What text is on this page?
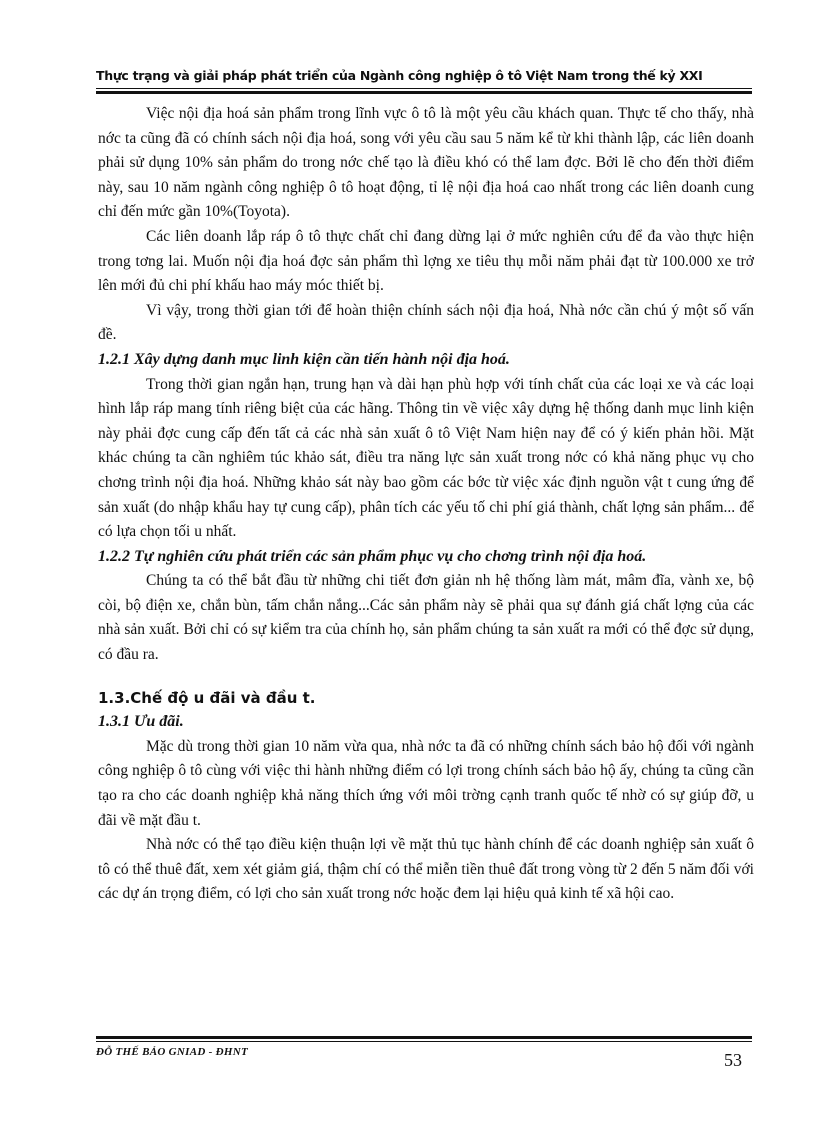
Thực trạng và giải pháp phát triển của Ngành công nghiệp ô tô Việt Nam trong thế kỷ XXI

Việc nội địa hoá sản phẩm trong lĩnh vực ô tô là một yêu cầu khách quan. Thực tế cho thấy, nhà nớc ta cũng đã có chính sách nội địa hoá, song với yêu cầu sau 5 năm kể từ khi thành lập, các liên doanh phải sử dụng 10% sản phẩm do trong nớc chế tạo là điều khó có thể lam đợc. Bởi lẽ cho đến thời điểm này, sau 10 năm ngành công nghiệp ô tô hoạt động, tỉ lệ nội địa hoá cao nhất trong các liên doanh cung chỉ đến mức gần 10%(Toyota).

Các liên doanh lắp ráp ô tô thực chất chỉ đang dừng lại ở mức nghiên cứu để đa vào thực hiện trong tơng lai. Muốn nội địa hoá đợc sản phẩm thì lợng xe tiêu thụ mỗi năm phải đạt từ 100.000 xe trở lên mới đủ chi phí khấu hao máy móc thiết bị.

Vì vậy, trong thời gian tới để hoàn thiện chính sách nội địa hoá, Nhà nớc cần chú ý một số vấn đề.

1.2.1 Xây dựng danh mục linh kiện cần tiến hành nội địa hoá.

Trong thời gian ngắn hạn, trung hạn và dài hạn phù hợp với tính chất của các loại xe và các loại hình lắp ráp mang tính riêng biệt của các hãng. Thông tin về việc xây dựng hệ thống danh mục linh kiện này phải đợc cung cấp đến tất cả các nhà sản xuất ô tô Việt Nam hiện nay để có ý kiến phản hồi. Mặt khác chúng ta cần nghiêm túc khảo sát, điều tra năng lực sản xuất trong nớc có khả năng phục vụ cho chơng trình nội địa hoá. Những khảo sát này bao gồm các bớc từ việc xác định nguồn vật t cung ứng để sản xuất (do nhập khẩu hay tự cung cấp), phân tích các yếu tố chi phí giá thành, chất lợng sản phẩm... để có lựa chọn tối u nhất.

1.2.2 Tự nghiên cứu phát triển các sản phẩm phục vụ cho chơng trình nội địa hoá.

Chúng ta có thể bắt đầu từ những chi tiết đơn giản nh hệ thống làm mát, mâm đĩa, vành xe, bộ còi, bộ điện xe, chắn bùn, tấm chắn nắng...Các sản phẩm này sẽ phải qua sự đánh giá chất lợng của các nhà sản xuất. Bởi chỉ có sự kiểm tra của chính họ, sản phẩm chúng ta sản xuất ra mới có thể đợc sử dụng, có đầu ra.

1.3.Chế độ u đãi và đầu t.
1.3.1 Ưu đãi.

Mặc dù trong thời gian 10 năm vừa qua, nhà nớc ta đã có những chính sách bảo hộ đối với ngành công nghiệp ô tô cùng với việc thi hành những điểm có lợi trong chính sách bảo hộ ấy, chúng ta cũng cần tạo ra cho các doanh nghiệp khả năng thích ứng với môi trờng cạnh tranh quốc tế nhờ có sự giúp đỡ, u đãi về mặt đầu t.

Nhà nớc có thể tạo điều kiện thuận lợi về mặt thủ tục hành chính để các doanh nghiệp sản xuất ô tô có thể thuê đất, xem xét giảm giá, thậm chí có thể miễn tiền thuê đất trong vòng từ 2 đến 5 năm đối với các dự án trọng điểm, có lợi cho sản xuất trong nớc hoặc đem lại hiệu quả kinh tế xã hội cao.

ĐỖ THẾ BẢO GNIAD - ĐHNT	53
